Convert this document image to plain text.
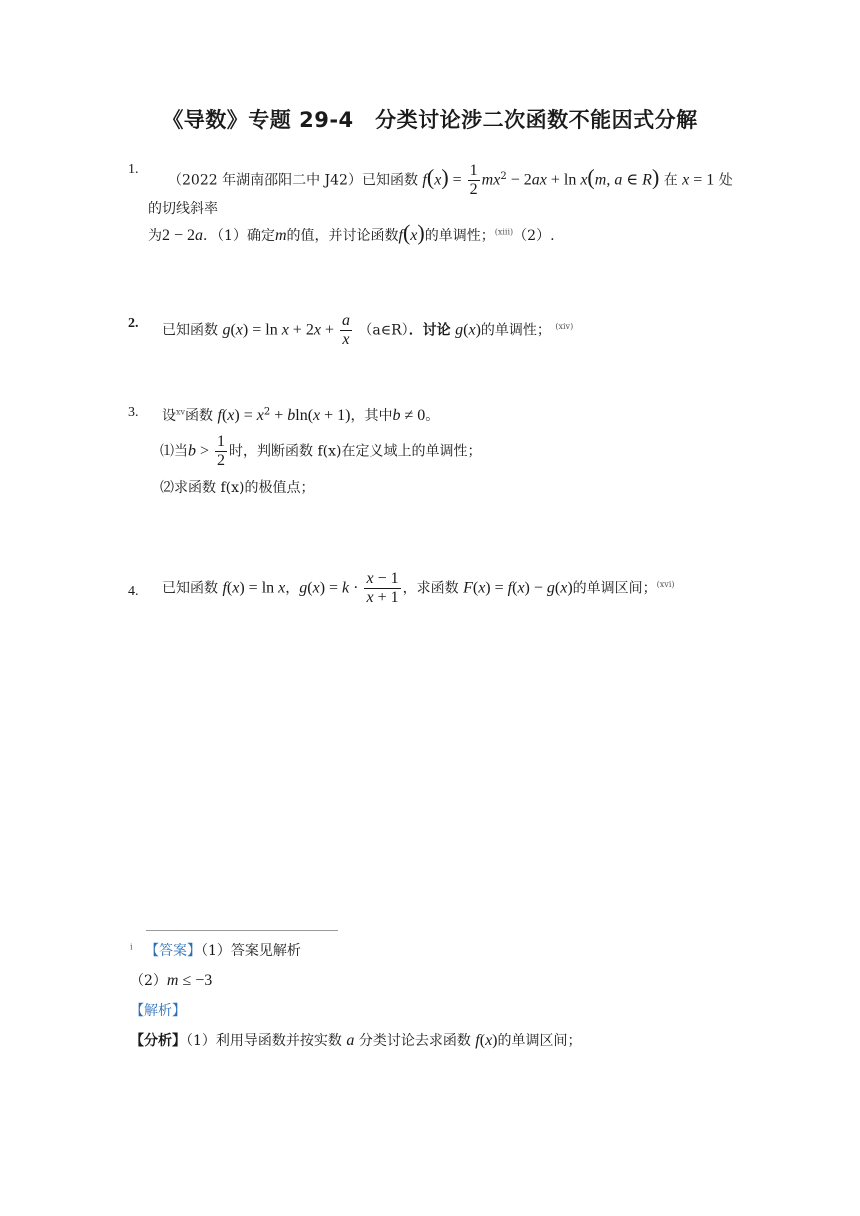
《导数》专题 29-4　分类讨论涉二次函数不能因式分解
1.
（2022 年湖南邵阳二中 J42）已知函数 $f(x) = \frac{1}{2} mx^2 - 2ax + \ln x(m$, a ∈ R) 在 x = 1 处
的切线斜率
为2 − 2a．（1）确定m的值，并讨论函数f(x)的单调性；$^{(xiii)}$（2）.
2. 已知函数 $g(x) = \ln x + 2x + \frac{a}{x}$ （a∈R）．讨论 g(x)的单调性； $^{(xiv)}$
3. 设$^{xv}$函数 $f(x) = x^2 + bln(x + 1)$，其中b ≠ 0。
⑴当$b > \frac{1}{2}$ 时，判断函数 f(x)在定义域上的单调性；
⑵求函数 f(x)的极值点；
4. 已知函数 f(x) = ln x，$g(x) = k \cdot \frac{x - 1}{x + 1}$ ，求函数 F(x) = f(x) − g(x)的单调区间；$^{(xvi)}$
$^i$ 【答案】（1）答案见解析
（2）m ≤ −3
【解析】
【分析】（1）利用导函数并按实数 a 分类讨论去求函数 f(x)的单调区间；
